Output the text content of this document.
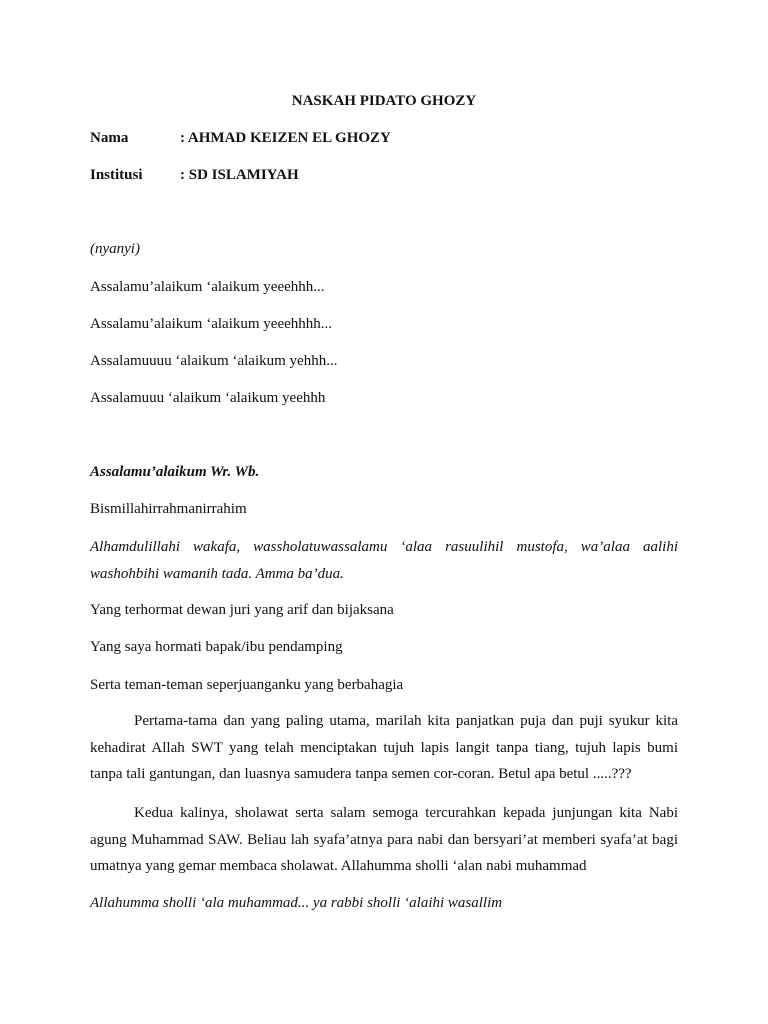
NASKAH PIDATO GHOZY
Nama	: AHMAD KEIZEN EL GHOZY
Institusi : SD ISLAMIYAH
(nyanyi)
Assalamu’alaikum ‘alaikum yeeehhh...
Assalamu’alaikum ‘alaikum yeeehhhh...
Assalamuuuu ‘alaikum ‘alaikum yehhh...
Assalamuuu ‘alaikum ‘alaikum yeehhh
Assalamu’alaikum Wr. Wb.
Bismillahirrahmanirrahim
Alhamdulillahi wakafa, wassholatuwassalamu ‘alaa rasuulihil mustofa, wa’alaa aalihi washohbihi wamanih tada. Amma ba’dua.
Yang terhormat dewan juri yang arif dan bijaksana
Yang saya hormati bapak/ibu pendamping
Serta teman-teman seperjuanganku yang berbahagia
Pertama-tama dan yang paling utama, marilah kita panjatkan puja dan puji syukur kita kehadirat Allah SWT yang telah menciptakan tujuh lapis langit tanpa tiang, tujuh lapis bumi tanpa tali gantungan, dan luasnya samudera tanpa semen cor-coran. Betul apa betul .....???
Kedua kalinya, sholawat serta salam semoga tercurahkan kepada junjungan kita Nabi agung Muhammad SAW. Beliau lah syafa’atnya para nabi dan bersyari’at memberi syafa’at bagi umatnya yang gemar membaca sholawat. Allahumma sholli ‘alan nabi muhammad
Allahumma sholli ‘ala muhammad... ya rabbi sholli ‘alaihi wasallim
